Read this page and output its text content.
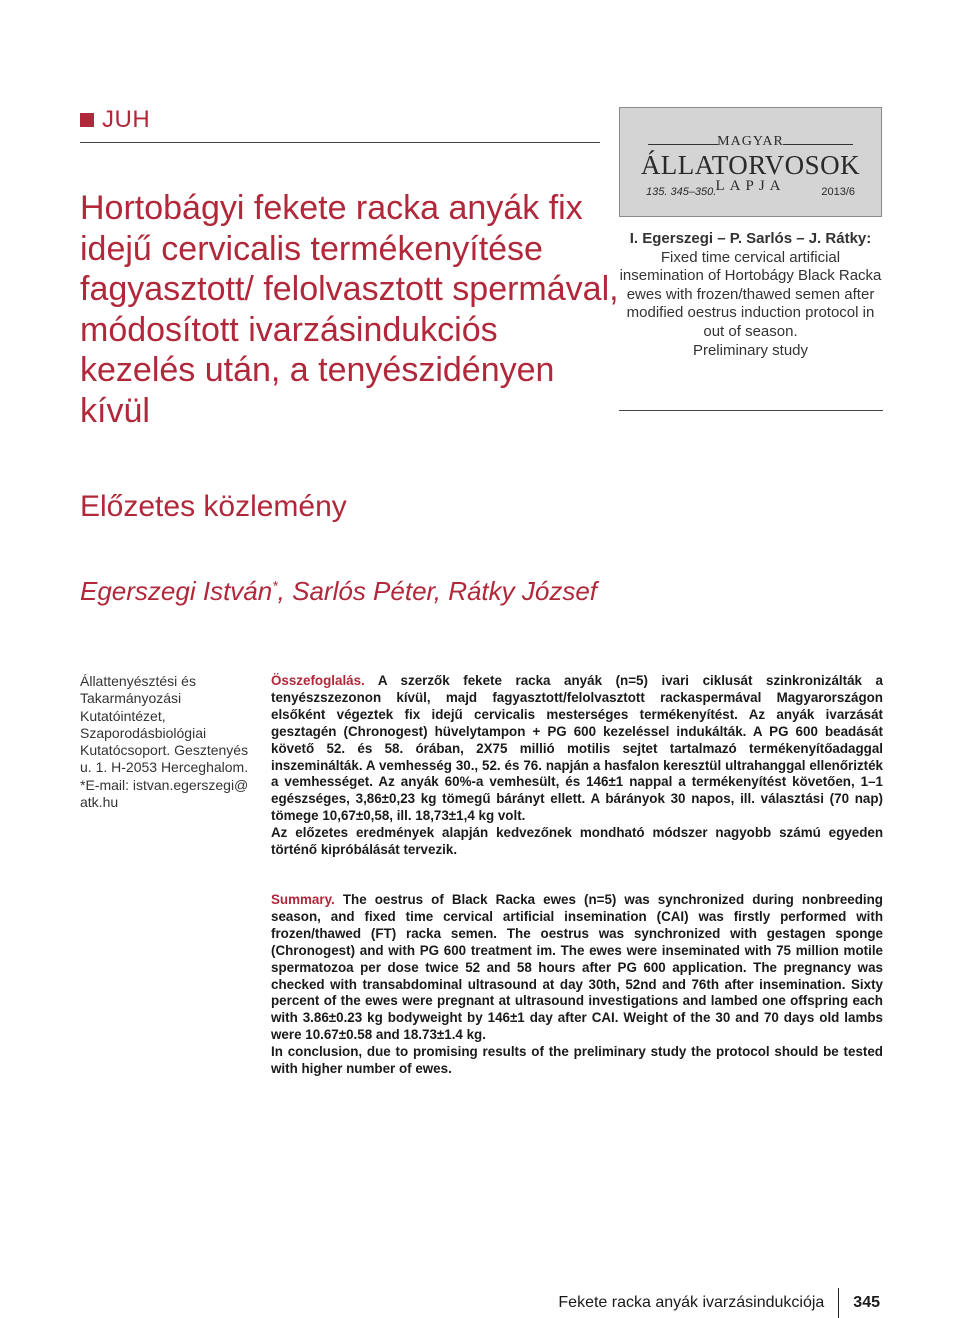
JUH
Hortobágyi fekete racka anyák fix idejű cervicalis termékenyítése fagyasztott/ felolvasztott spermával, módosított ivarzásindukciós kezelés után, a tenyészidényen kívül
Előzetes közlemény
MAGYAR
ÁLLATORVOSOK
LAPJA
135. 345–350.	2013/6
I. Egerszegi – P. Sarlós – J. Rátky:
Fixed time cervical artificial insemination of Hortobágy Black Racka ewes with frozen/thawed semen after modified oestrus induction protocol in out of season.
Preliminary study
Egerszegi István*, Sarlós Péter, Rátky József
Állattenyésztési és Takarmányozási Kutatóintézet, Szaporodásbiológiai Kutatócsoport. Gesztenyés u. 1. H-2053 Herceghalom. *E-mail: istvan.egerszegi@ atk.hu

Összefoglalás. A szerzők fekete racka anyák (n=5) ivari ciklusát szinkronizálták a tenyészszezonon kívül, majd fagyasztott/felolvasztott rackaspermával Magyarországon elsőként végeztek fix idejű cervicalis mesterséges termékenyítést. Az anyák ivarzását gesztagén (Chronogest) hüvelytampon + PG 600 kezeléssel indukálták. A PG 600 beadását követő 52. és 58. órában, 2X75 millió motilis sejtet tartalmazó termékenyítőadaggal inszeminálták. A vemhesség 30., 52. és 76. napján a hasfalon keresztül ultrahanggal ellenőrizték a vemhességet. Az anyák 60%-a vemhesült, és 146±1 nappal a termékenyítést követően, 1–1 egészséges, 3,86±0,23 kg tömegű bárányt ellett. A bárányok 30 napos, ill. választási (70 nap) tömege 10,67±0,58, ill. 18,73±1,4 kg volt.

Az előzetes eredmények alapján kedvezőnek mondható módszer nagyobb számú egyeden történő kipróbálását tervezik.

Summary. The oestrus of Black Racka ewes (n=5) was synchronized during nonbreeding season, and fixed time cervical artificial insemination (CAI) was firstly performed with frozen/thawed (FT) racka semen. The oestrus was synchronized with gestagen sponge (Chronogest) and with PG 600 treatment im. The ewes were inseminated with 75 million motile spermatozoa per dose twice 52 and 58 hours after PG 600 application. The pregnancy was checked with transabdominal ultrasound at day 30th, 52nd and 76th after insemination. Sixty percent of the ewes were pregnant at ultrasound investigations and lambed one offspring each with 3.86±0.23 kg bodyweight by 146±1 day after CAI. Weight of the 30 and 70 days old lambs were 10.67±0.58 and 18.73±1.4 kg.

In conclusion, due to promising results of the preliminary study the protocol should be tested with higher number of ewes.

Fekete racka anyák ivarzásindukciója 345
